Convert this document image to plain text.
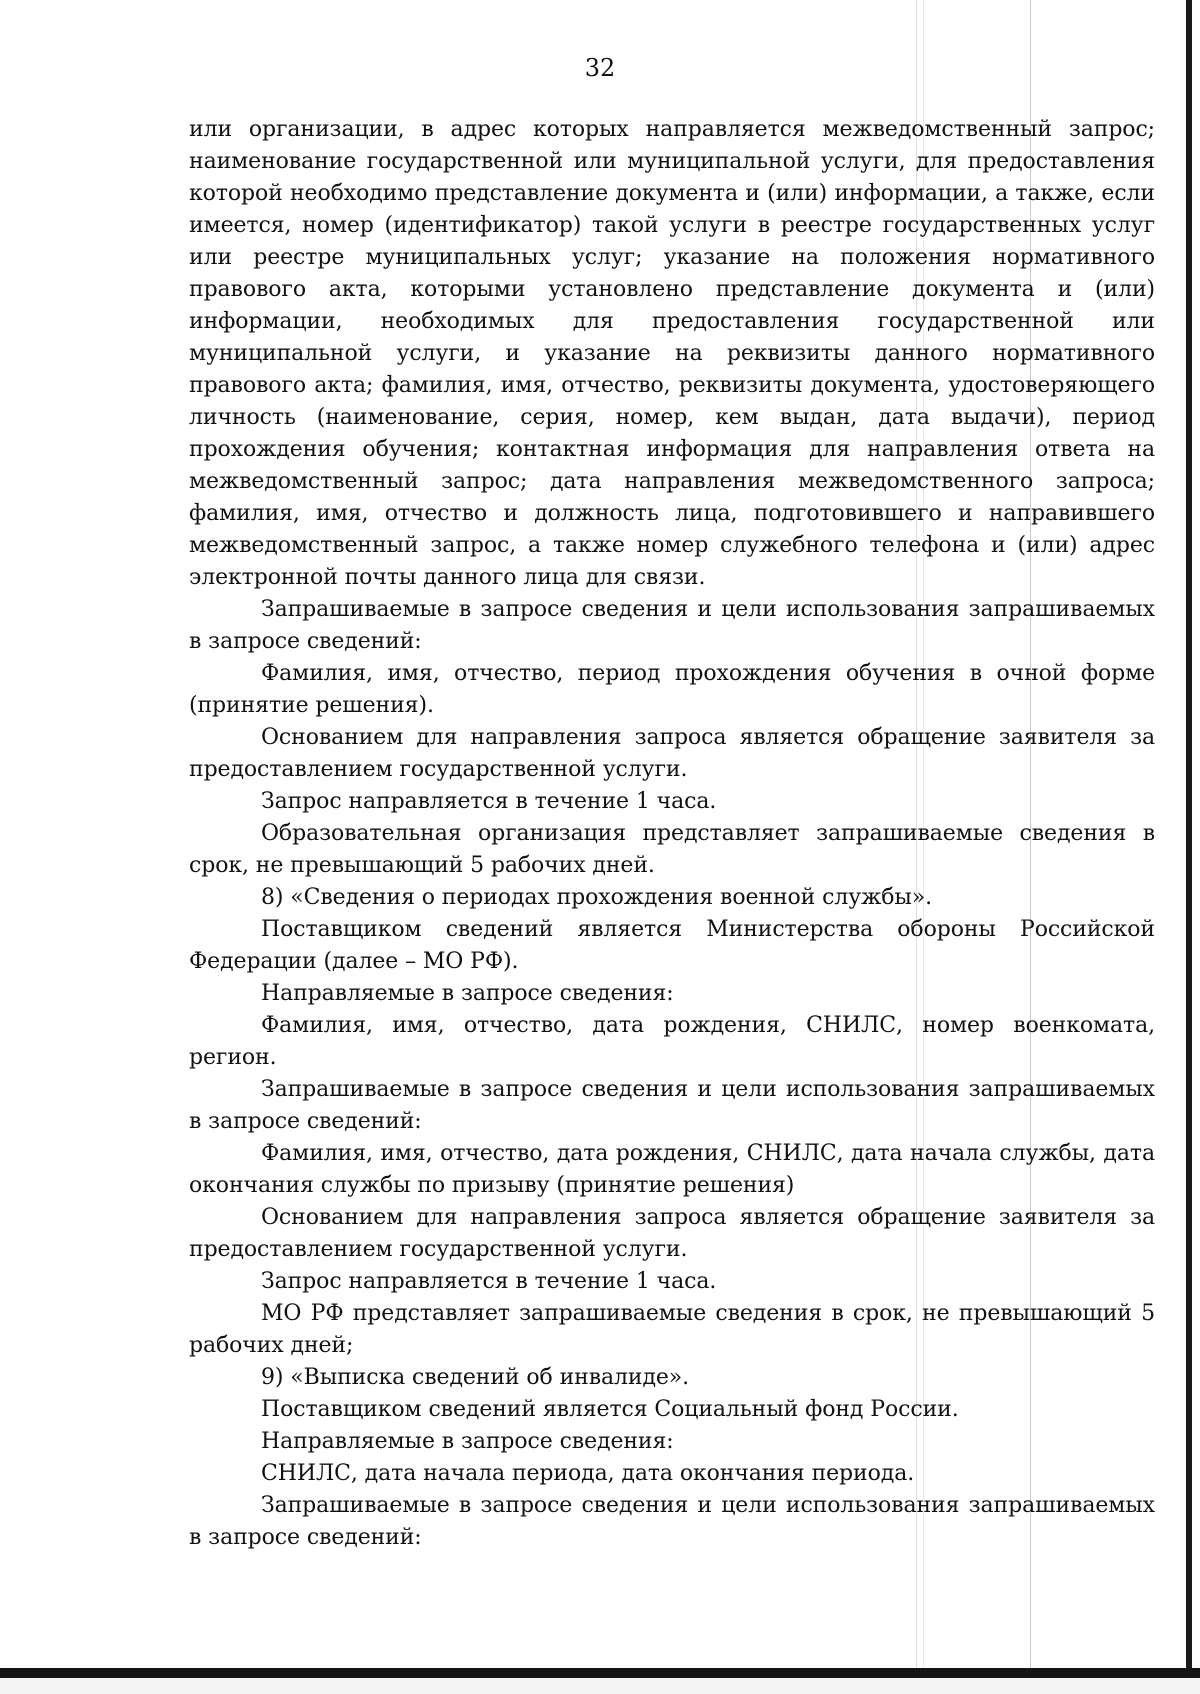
32

или организации, в адрес которых направляется межведомственный запрос; наименование государственной или муниципальной услуги, для предоставления которой необходимо представление документа и (или) информации, а также, если имеется, номер (идентификатор) такой услуги в реестре государственных услуг или реестре муниципальных услуг; указание на положения нормативного правового акта, которыми установлено представление документа и (или) информации, необходимых для предоставления государственной или муниципальной услуги, и указание на реквизиты данного нормативного правового акта; фамилия, имя, отчество, реквизиты документа, удостоверяющего личность (наименование, серия, номер, кем выдан, дата выдачи), период прохождения обучения; контактная информация для направления ответа на межведомственный запрос; дата направления межведомственного запроса; фамилия, имя, отчество и должность лица, подготовившего и направившего межведомственный запрос, а также номер служебного телефона и (или) адрес электронной почты данного лица для связи.

Запрашиваемые в запросе сведения и цели использования запрашиваемых в запросе сведений:

Фамилия, имя, отчество, период прохождения обучения в очной форме (принятие решения).

Основанием для направления запроса является обращение заявителя за предоставлением государственной услуги.

Запрос направляется в течение 1 часа.

Образовательная организация представляет запрашиваемые сведения в срок, не превышающий 5 рабочих дней.

8) «Сведения о периодах прохождения военной службы».

Поставщиком сведений является Министерства обороны Российской Федерации (далее – МО РФ).

Направляемые в запросе сведения:

Фамилия, имя, отчество, дата рождения, СНИЛС, номер военкомата, регион.

Запрашиваемые в запросе сведения и цели использования запрашиваемых в запросе сведений:

Фамилия, имя, отчество, дата рождения, СНИЛС, дата начала службы, дата окончания службы по призыву (принятие решения)

Основанием для направления запроса является обращение заявителя за предоставлением государственной услуги.

Запрос направляется в течение 1 часа.

МО РФ представляет запрашиваемые сведения в срок, не превышающий 5 рабочих дней;

9) «Выписка сведений об инвалиде».

Поставщиком сведений является Социальный фонд России.

Направляемые в запросе сведения:

СНИЛС, дата начала периода, дата окончания периода.

Запрашиваемые в запросе сведения и цели использования запрашиваемых в запросе сведений:
